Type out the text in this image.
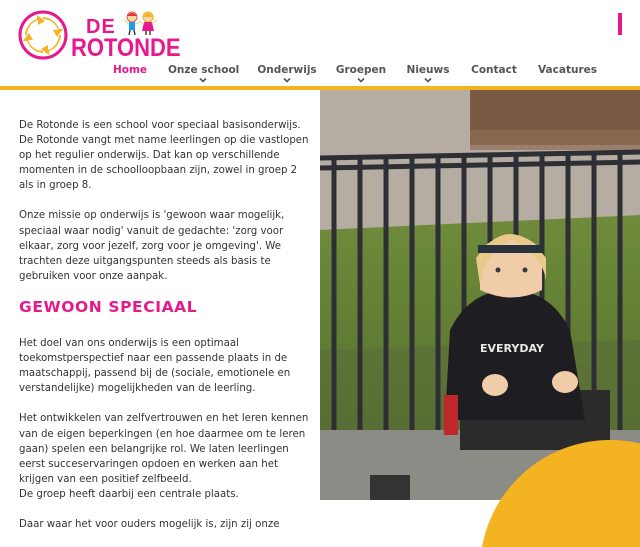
DE
ROTONDE
Home Onze school Onderwijs Groepen Nieuws Contact Vacatures

De Rotonde is een school voor speciaal basisonderwijs. De Rotonde vangt met name leerlingen op die vastlopen op het regulier onderwijs. Dat kan op verschillende momenten in de schoolloopbaan zijn, zowel in groep 2 als in groep 8.

Onze missie op onderwijs is 'gewoon waar mogelijk, speciaal waar nodig' vanuit de gedachte: 'zorg voor elkaar, zorg voor jezelf, zorg voor je omgeving'. We trachten deze uitgangspunten steeds als basis te gebruiken voor onze aanpak.

GEWOON SPECIAAL

Het doel van ons onderwijs is een optimaal toekomstperspectief naar een passende plaats in de maatschappij, passend bij de (sociale, emotionele en verstandelijke) mogelijkheden van de leerling.

Het ontwikkelen van zelfvertrouwen en het leren kennen van de eigen beperkingen (en hoe daarmee om te leren gaan) spelen een belangrijke rol. We laten leerlingen eerst succeservaringen opdoen en werken aan het krijgen van een positief zelfbeeld.

De groep heeft daarbij een centrale plaats.

Daar waar het voor ouders mogelijk is, zijn zij onze

EVERYDAY
